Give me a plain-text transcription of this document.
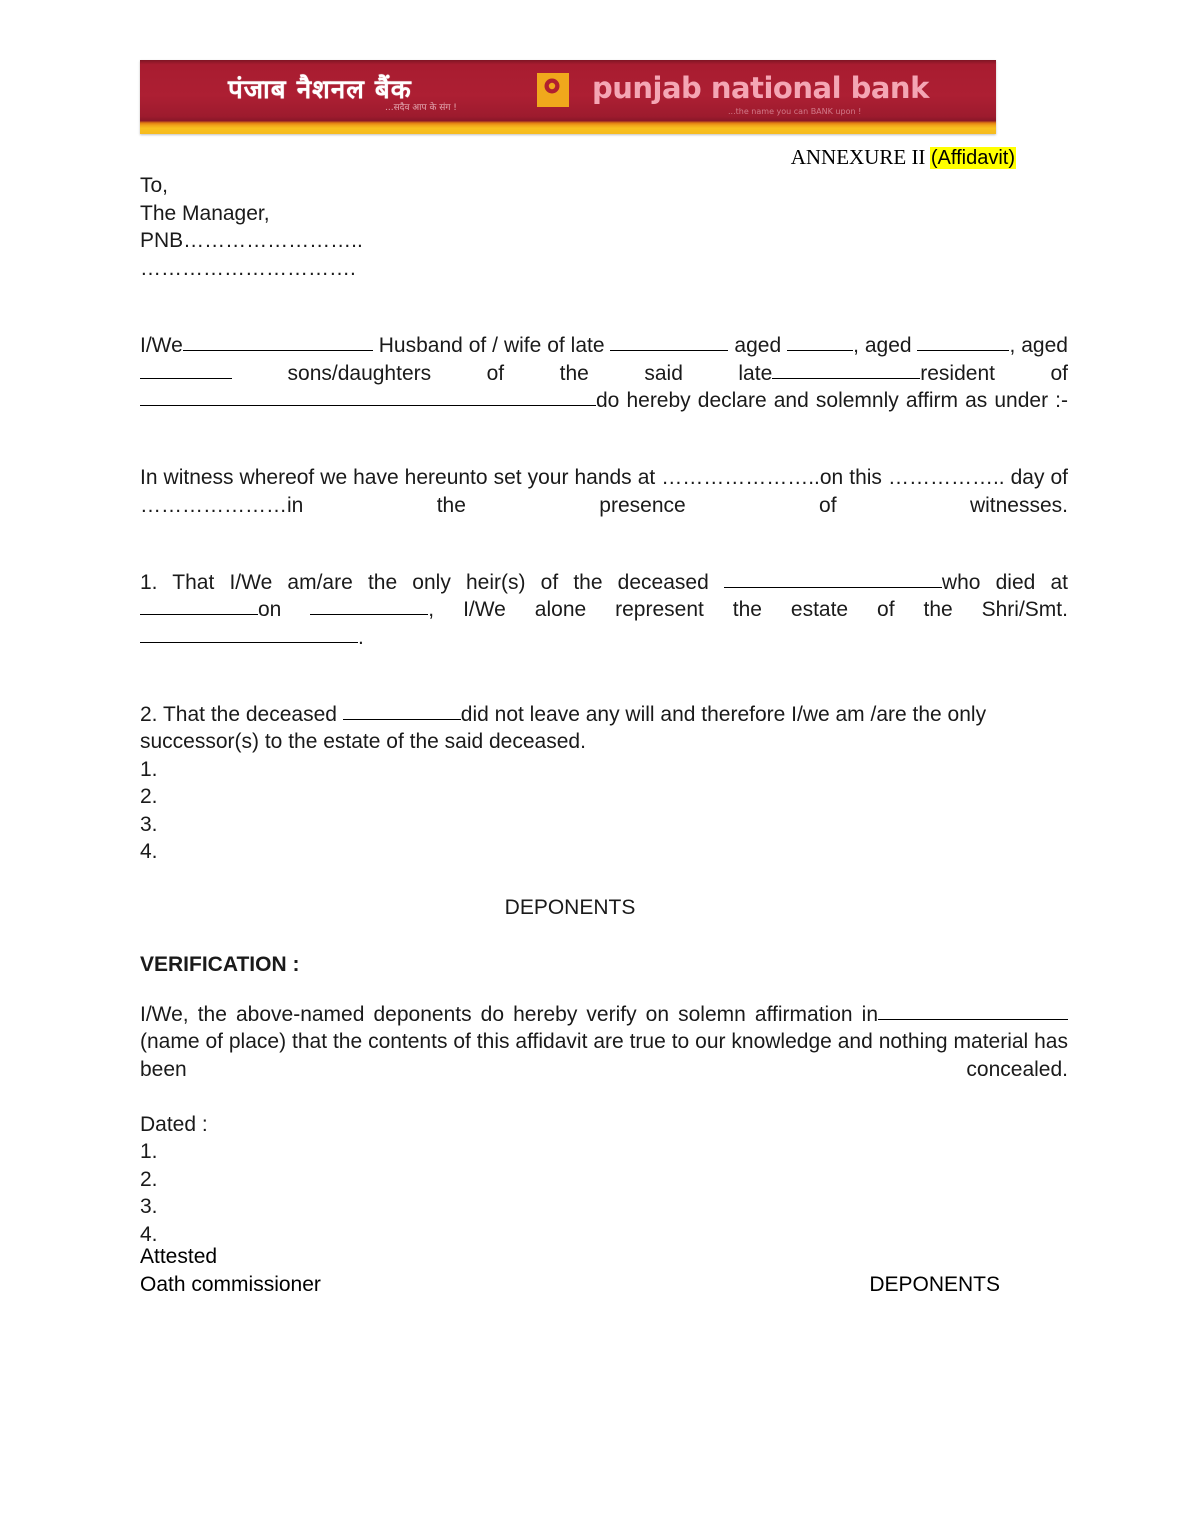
पंजाब नैशनल बैंक
...सदैव आप के संग !
punjab national bank
...the name you can BANK upon !
ANNEXURE II (Affidavit)
To,
The Manager,
PNB……………………..
………………………….
I/We	Husband of / wife of late	aged	, aged	, aged  sons/daughters of the said late	resident of do hereby declare and solemnly affirm as under :-
In witness whereof we have hereunto set your hands at …………………..on this …………….. day of …………………in the presence of witnesses.
1. That I/We am/are the only heir(s) of the deceased	who died at on	, I/We alone represent the estate of the Shri/Smt..
2. That the deceased	did not leave any will and therefore I/we am /are the only successor(s) to the estate of the said deceased.
1.
2.
3.
4.
DEPONENTS
VERIFICATION :
I/We, the above-named deponents do hereby verify on solemn affirmation in (name of place) that the contents of this affidavit are true to our knowledge and nothing material has been concealed.
Dated :
1.
2.
3.
4.
Attested
Oath commissioner	DEPONENTS
